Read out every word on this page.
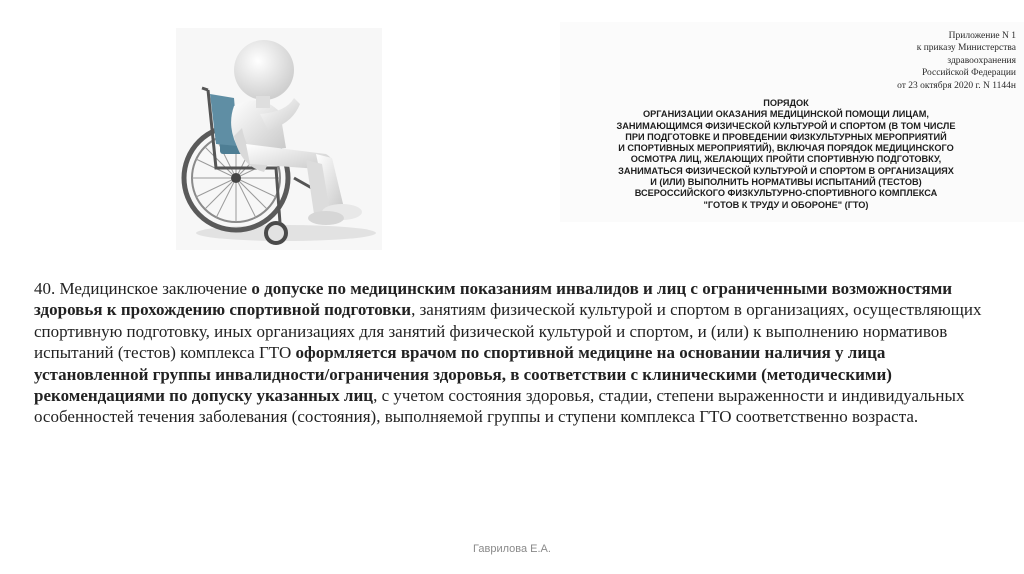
Приложение N 1
к приказу Министерства
здравоохранения
Российской Федерации
от 23 октября 2020 г. N 1144н
ПОРЯДОК
ОРГАНИЗАЦИИ ОКАЗАНИЯ МЕДИЦИНСКОЙ ПОМОЩИ ЛИЦАМ,
ЗАНИМАЮЩИМСЯ ФИЗИЧЕСКОЙ КУЛЬТУРОЙ И СПОРТОМ (В ТОМ ЧИСЛЕ
ПРИ ПОДГОТОВКЕ И ПРОВЕДЕНИИ ФИЗКУЛЬТУРНЫХ МЕРОПРИЯТИЙ
И СПОРТИВНЫХ МЕРОПРИЯТИЙ), ВКЛЮЧАЯ ПОРЯДОК МЕДИЦИНСКОГО
ОСМОТРА ЛИЦ, ЖЕЛАЮЩИХ ПРОЙТИ СПОРТИВНУЮ ПОДГОТОВКУ,
ЗАНИМАТЬСЯ ФИЗИЧЕСКОЙ КУЛЬТУРОЙ И СПОРТОМ В ОРГАНИЗАЦИЯХ
И (ИЛИ) ВЫПОЛНИТЬ НОРМАТИВЫ ИСПЫТАНИЙ (ТЕСТОВ)
ВСЕРОССИЙСКОГО ФИЗКУЛЬТУРНО-СПОРТИВНОГО КОМПЛЕКСА
"ГОТОВ К ТРУДУ И ОБОРОНЕ" (ГТО)

40. Медицинское заключение о допуске по медицинским показаниям инвалидов и лиц с ограниченными возможностями здоровья к прохождению спортивной подготовки, занятиям физической культурой и спортом в организациях, осуществляющих спортивную подготовку, иных организациях для занятий физической культурой и спортом, и (или) к выполнению нормативов испытаний (тестов) комплекса ГТО оформляется врачом по спортивной медицине на основании наличия у лица установленной группы инвалидности/ограничения здоровья, в соответствии с клиническими (методическими) рекомендациями по допуску указанных лиц, с учетом состояния здоровья, стадии, степени выраженности и индивидуальных особенностей течения заболевания (состояния), выполняемой группы и ступени комплекса ГТО соответственно возраста.

Гаврилова Е.А.
